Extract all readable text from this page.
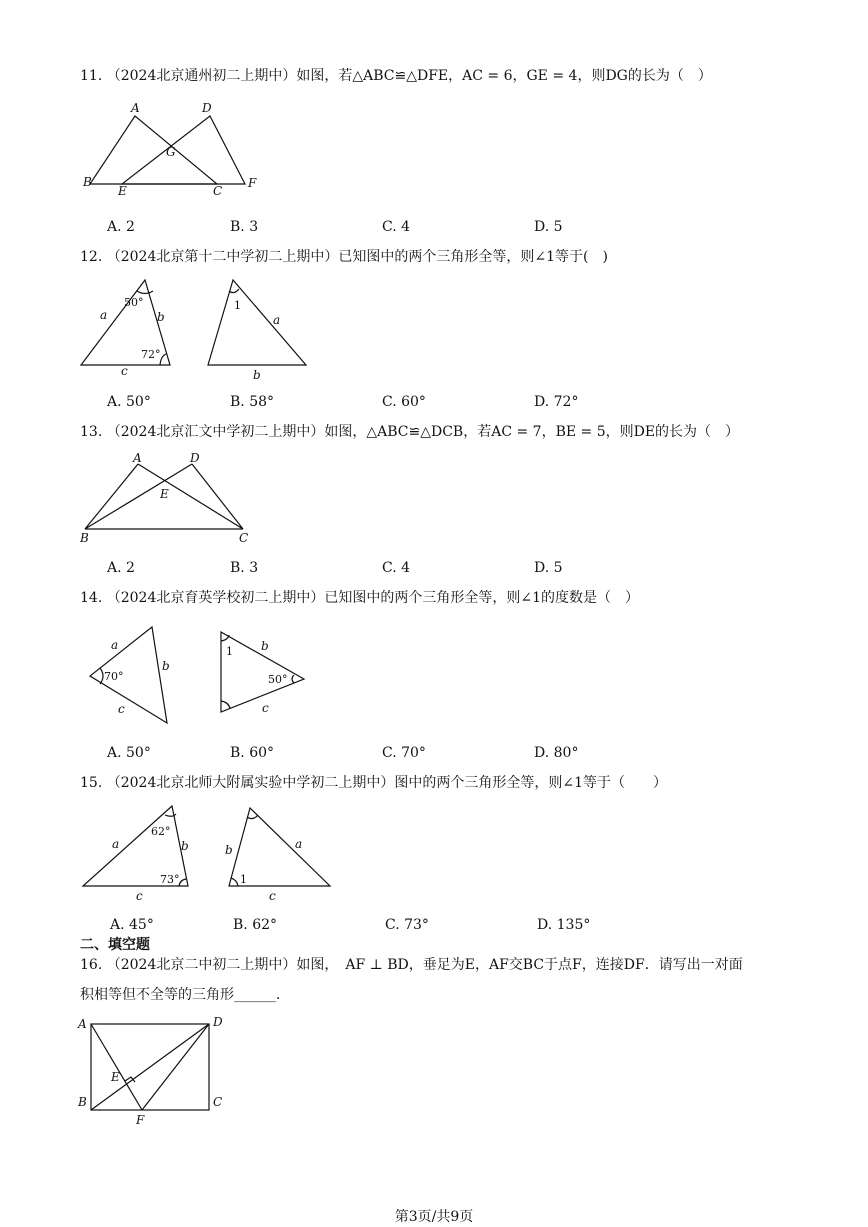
11. （2024北京通州初二上期中）如图，若△ABC≌△DFE，AC = 6，GE = 4，则DG的长为（　）
A	D
G
B
E	C
F
A. 2	B. 3	C. 4	D. 5
12. （2024北京第十二中学初二上期中）已知图中的两个三角形全等，则∠1等于(　)
50°
a	b
72°
c
1
a
b
A. 50°	B. 58°	C. 60°	D. 72°
13. （2024北京汇文中学初二上期中）如图，△ABC≌△DCB，若AC = 7，BE = 5，则DE的长为（　）
A	D
E
B	C
A. 2	B. 3	C. 4	D. 5
14. （2024北京育英学校初二上期中）已知图中的两个三角形全等，则∠1的度数是（　）
a
70°
b
c
1 b
50°
c
A. 50°	B. 60°	C. 70°	D. 80°
15. （2024北京北师大附属实验中学初二上期中）图中的两个三角形全等，则∠1等于（　　）
a
62°
b
73°
c
b	a
1
c
A. 45°	B. 62°	C. 73°	D. 135°
二、填空题
16. （2024北京二中初二上期中）如图，　AF ⊥ BD，垂足为E，AF交BC于点F，连接DF．请写出一对面
积相等但不全等的三角形______．
A	D
E
B
F
C
第3页/共9页
